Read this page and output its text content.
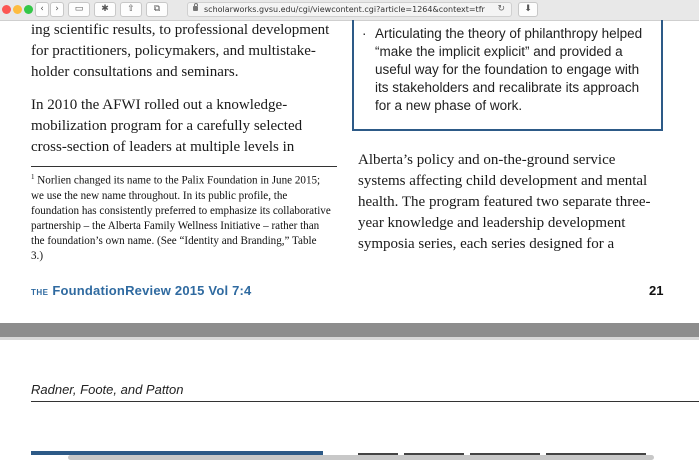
‹	›	▭	✱	⇧	⧉	scholarworks.gvsu.edu/cgi/viewcontent.cgi?article=1264&context=tfr ↻	⬇

ing scientific results, to professional development for practitioners, policymakers, and multistakeholder consultations and seminars.

In 2010 the AFWI rolled out a knowledge-mobilization program for a carefully selected cross-section of leaders at multiple levels in

· Articulating the theory of philanthropy helped “make the implicit explicit” and provided a useful way for the foundation to engage with its stakeholders and recalibrate its approach for a new phase of work.
$^1$ Norlien changed its name to the Palix Foundation in June 2015; we use the new name throughout. In its public profile, the foundation has consistently preferred to emphasize its collaborative partnership – the Alberta Family Wellness Initiative – rather than the foundation’s own name. (See “Identity and Branding,” Table 3.)
Alberta’s policy and on-the-ground service systems affecting child development and mental health. The program featured two separate three-year knowledge and leadership development symposia series, each series designed for a
THE FoundationReview 2015 Vol 7:4	21
Radner, Foote, and Patton
